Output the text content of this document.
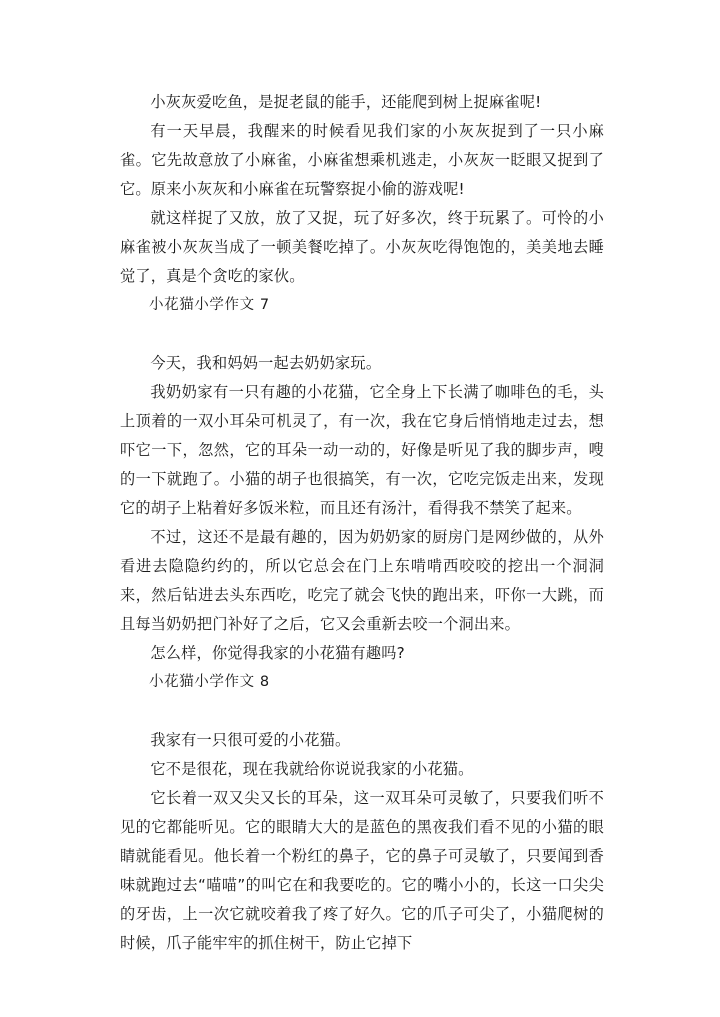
小灰灰爱吃鱼，是捉老鼠的能手，还能爬到树上捉麻雀呢!

有一天早晨，我醒来的时候看见我们家的小灰灰捉到了一只小麻雀。它先故意放了小麻雀，小麻雀想乘机逃走，小灰灰一眨眼又捉到了它。原来小灰灰和小麻雀在玩警察捉小偷的游戏呢!

就这样捉了又放，放了又捉，玩了好多次，终于玩累了。可怜的小麻雀被小灰灰当成了一顿美餐吃掉了。小灰灰吃得饱饱的，美美地去睡觉了，真是个贪吃的家伙。

小花猫小学作文 7

今天，我和妈妈一起去奶奶家玩。

我奶奶家有一只有趣的小花猫，它全身上下长满了咖啡色的毛，头上顶着的一双小耳朵可机灵了，有一次，我在它身后悄悄地走过去，想吓它一下，忽然，它的耳朵一动一动的，好像是听见了我的脚步声，嗖的一下就跑了。小猫的胡子也很搞笑，有一次，它吃完饭走出来，发现它的胡子上粘着好多饭米粒，而且还有汤汁，看得我不禁笑了起来。

不过，这还不是最有趣的，因为奶奶家的厨房门是网纱做的，从外看进去隐隐约约的，所以它总会在门上东啃啃西咬咬的挖出一个洞洞来，然后钻进去头东西吃，吃完了就会飞快的跑出来，吓你一大跳，而且每当奶奶把门补好了之后，它又会重新去咬一个洞出来。

怎么样，你觉得我家的小花猫有趣吗?

小花猫小学作文 8

我家有一只很可爱的小花猫。

它不是很花，现在我就给你说说我家的小花猫。

它长着一双又尖又长的耳朵，这一双耳朵可灵敏了，只要我们听不见的它都能听见。它的眼睛大大的是蓝色的黑夜我们看不见的小猫的眼睛就能看见。他长着一个粉红的鼻子，它的鼻子可灵敏了，只要闻到香味就跑过去“喵喵”的叫它在和我要吃的。它的嘴小小的，长这一口尖尖的牙齿，上一次它就咬着我了疼了好久。它的爪子可尖了，小猫爬树的时候，爪子能牢牢的抓住树干，防止它掉下
